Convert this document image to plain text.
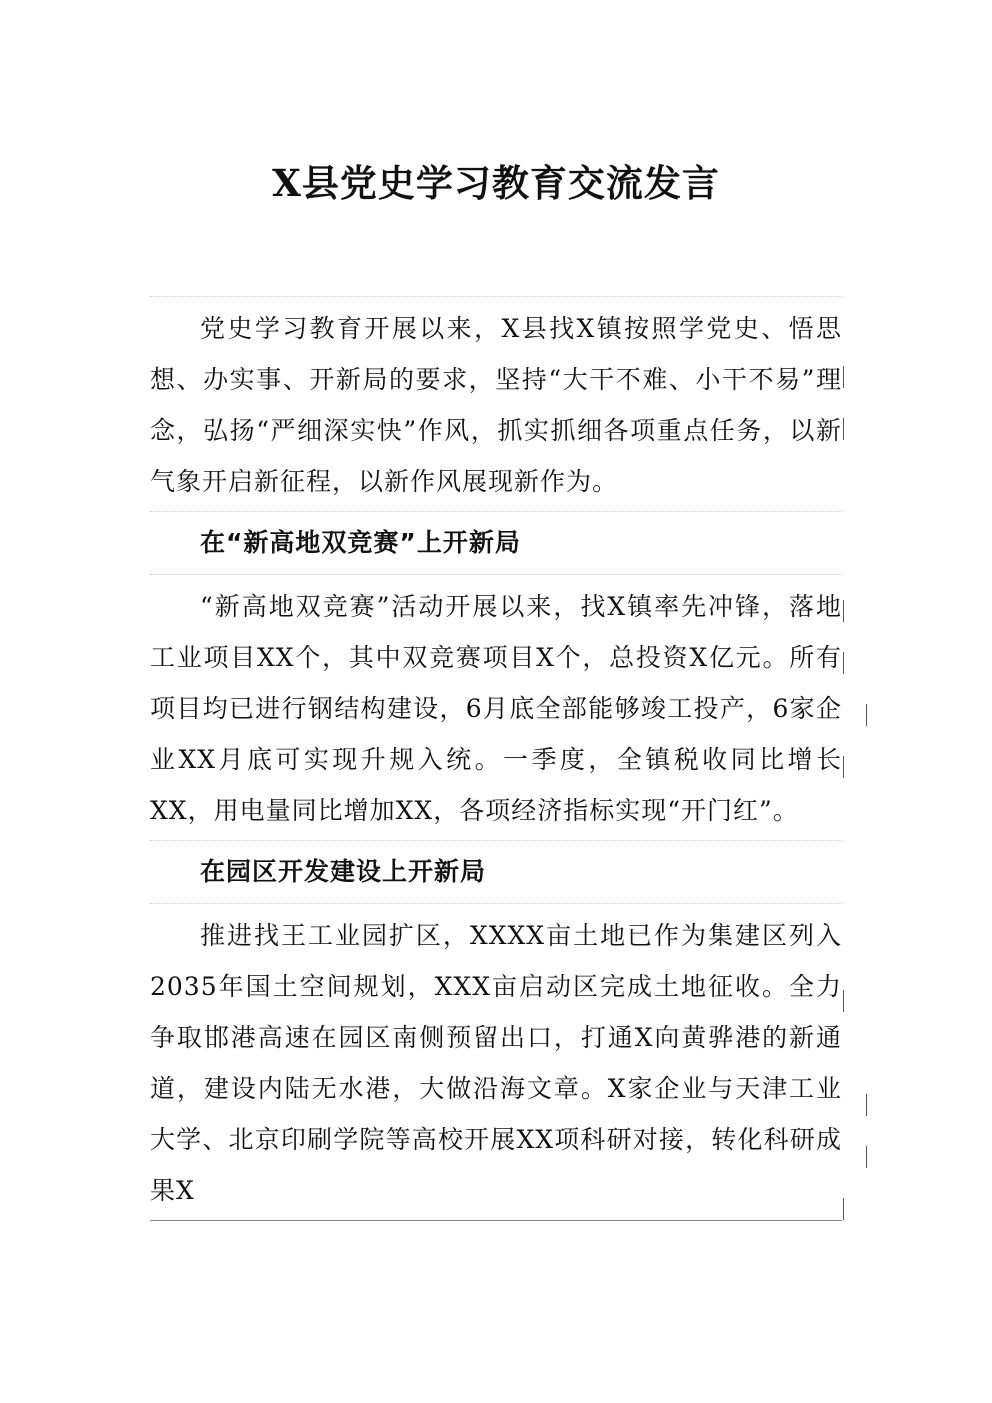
X县党史学习教育交流发言

党史学习教育开展以来，X县找X镇按照学党史、悟思想、办实事、开新局的要求，坚持“大干不难、小干不易”理念，弘扬“严细深实快”作风，抓实抓细各项重点任务，以新气象开启新征程，以新作风展现新作为。

在“新高地双竞赛”上开新局

“新高地双竞赛”活动开展以来，找X镇率先冲锋，落地工业项目XX个，其中双竞赛项目X个，总投资X亿元。所有项目均已进行钢结构建设，6月底全部能够竣工投产，6家企业XX月底可实现升规入统。一季度，全镇税收同比增长XX，用电量同比增加XX，各项经济指标实现“开门红”。

在园区开发建设上开新局

推进找王工业园扩区，XXXX亩土地已作为集建区列入2035年国土空间规划，XXX亩启动区完成土地征收。全力争取邯港高速在园区南侧预留出口，打通X向黄骅港的新通道，建设内陆无水港，大做沿海文章。X家企业与天津工业大学、北京印刷学院等高校开展XX项科研对接，转化科研成果X
